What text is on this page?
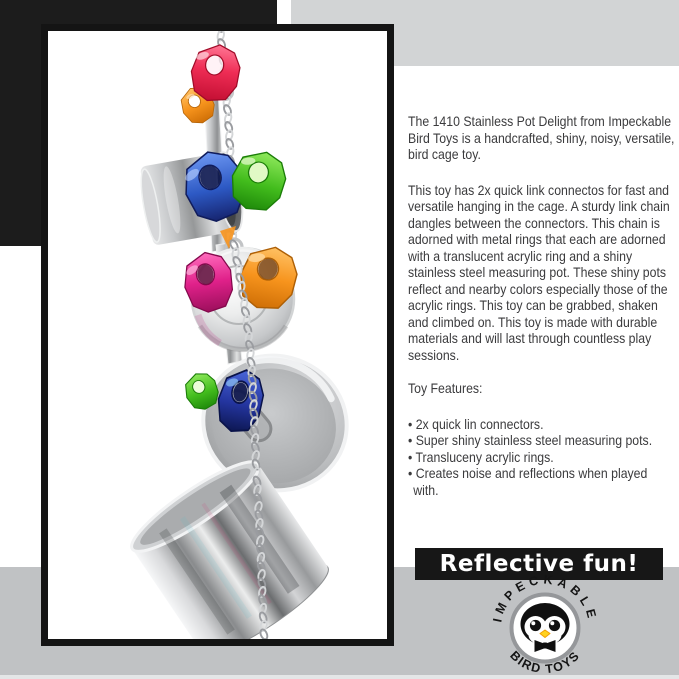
The 1410 Stainless Pot Delight from Impeckable Bird Toys is a handcrafted, shiny, noisy, versatile, bird cage toy.

This toy has 2x quick link connectos for fast and versatile hanging in the cage. A sturdy link chain dangles between the connectors. This chain is adorned with metal rings that each are adorned with a translucent acrylic ring and a shiny stainless steel measuring pot. These shiny pots reflect and nearby colors especially those of the acrylic rings. This toy can be grabbed, shaken and climbed on. This toy is made with durable materials and will last through countless play sessions.

Toy Features:

• 2x quick lin connectors.
• Super shiny stainless steel measuring pots.
• Transluceny acrylic rings.
• Creates noise and reflections when played with.
Reflective fun!
IMPECKABLE
BIRD TOYS
